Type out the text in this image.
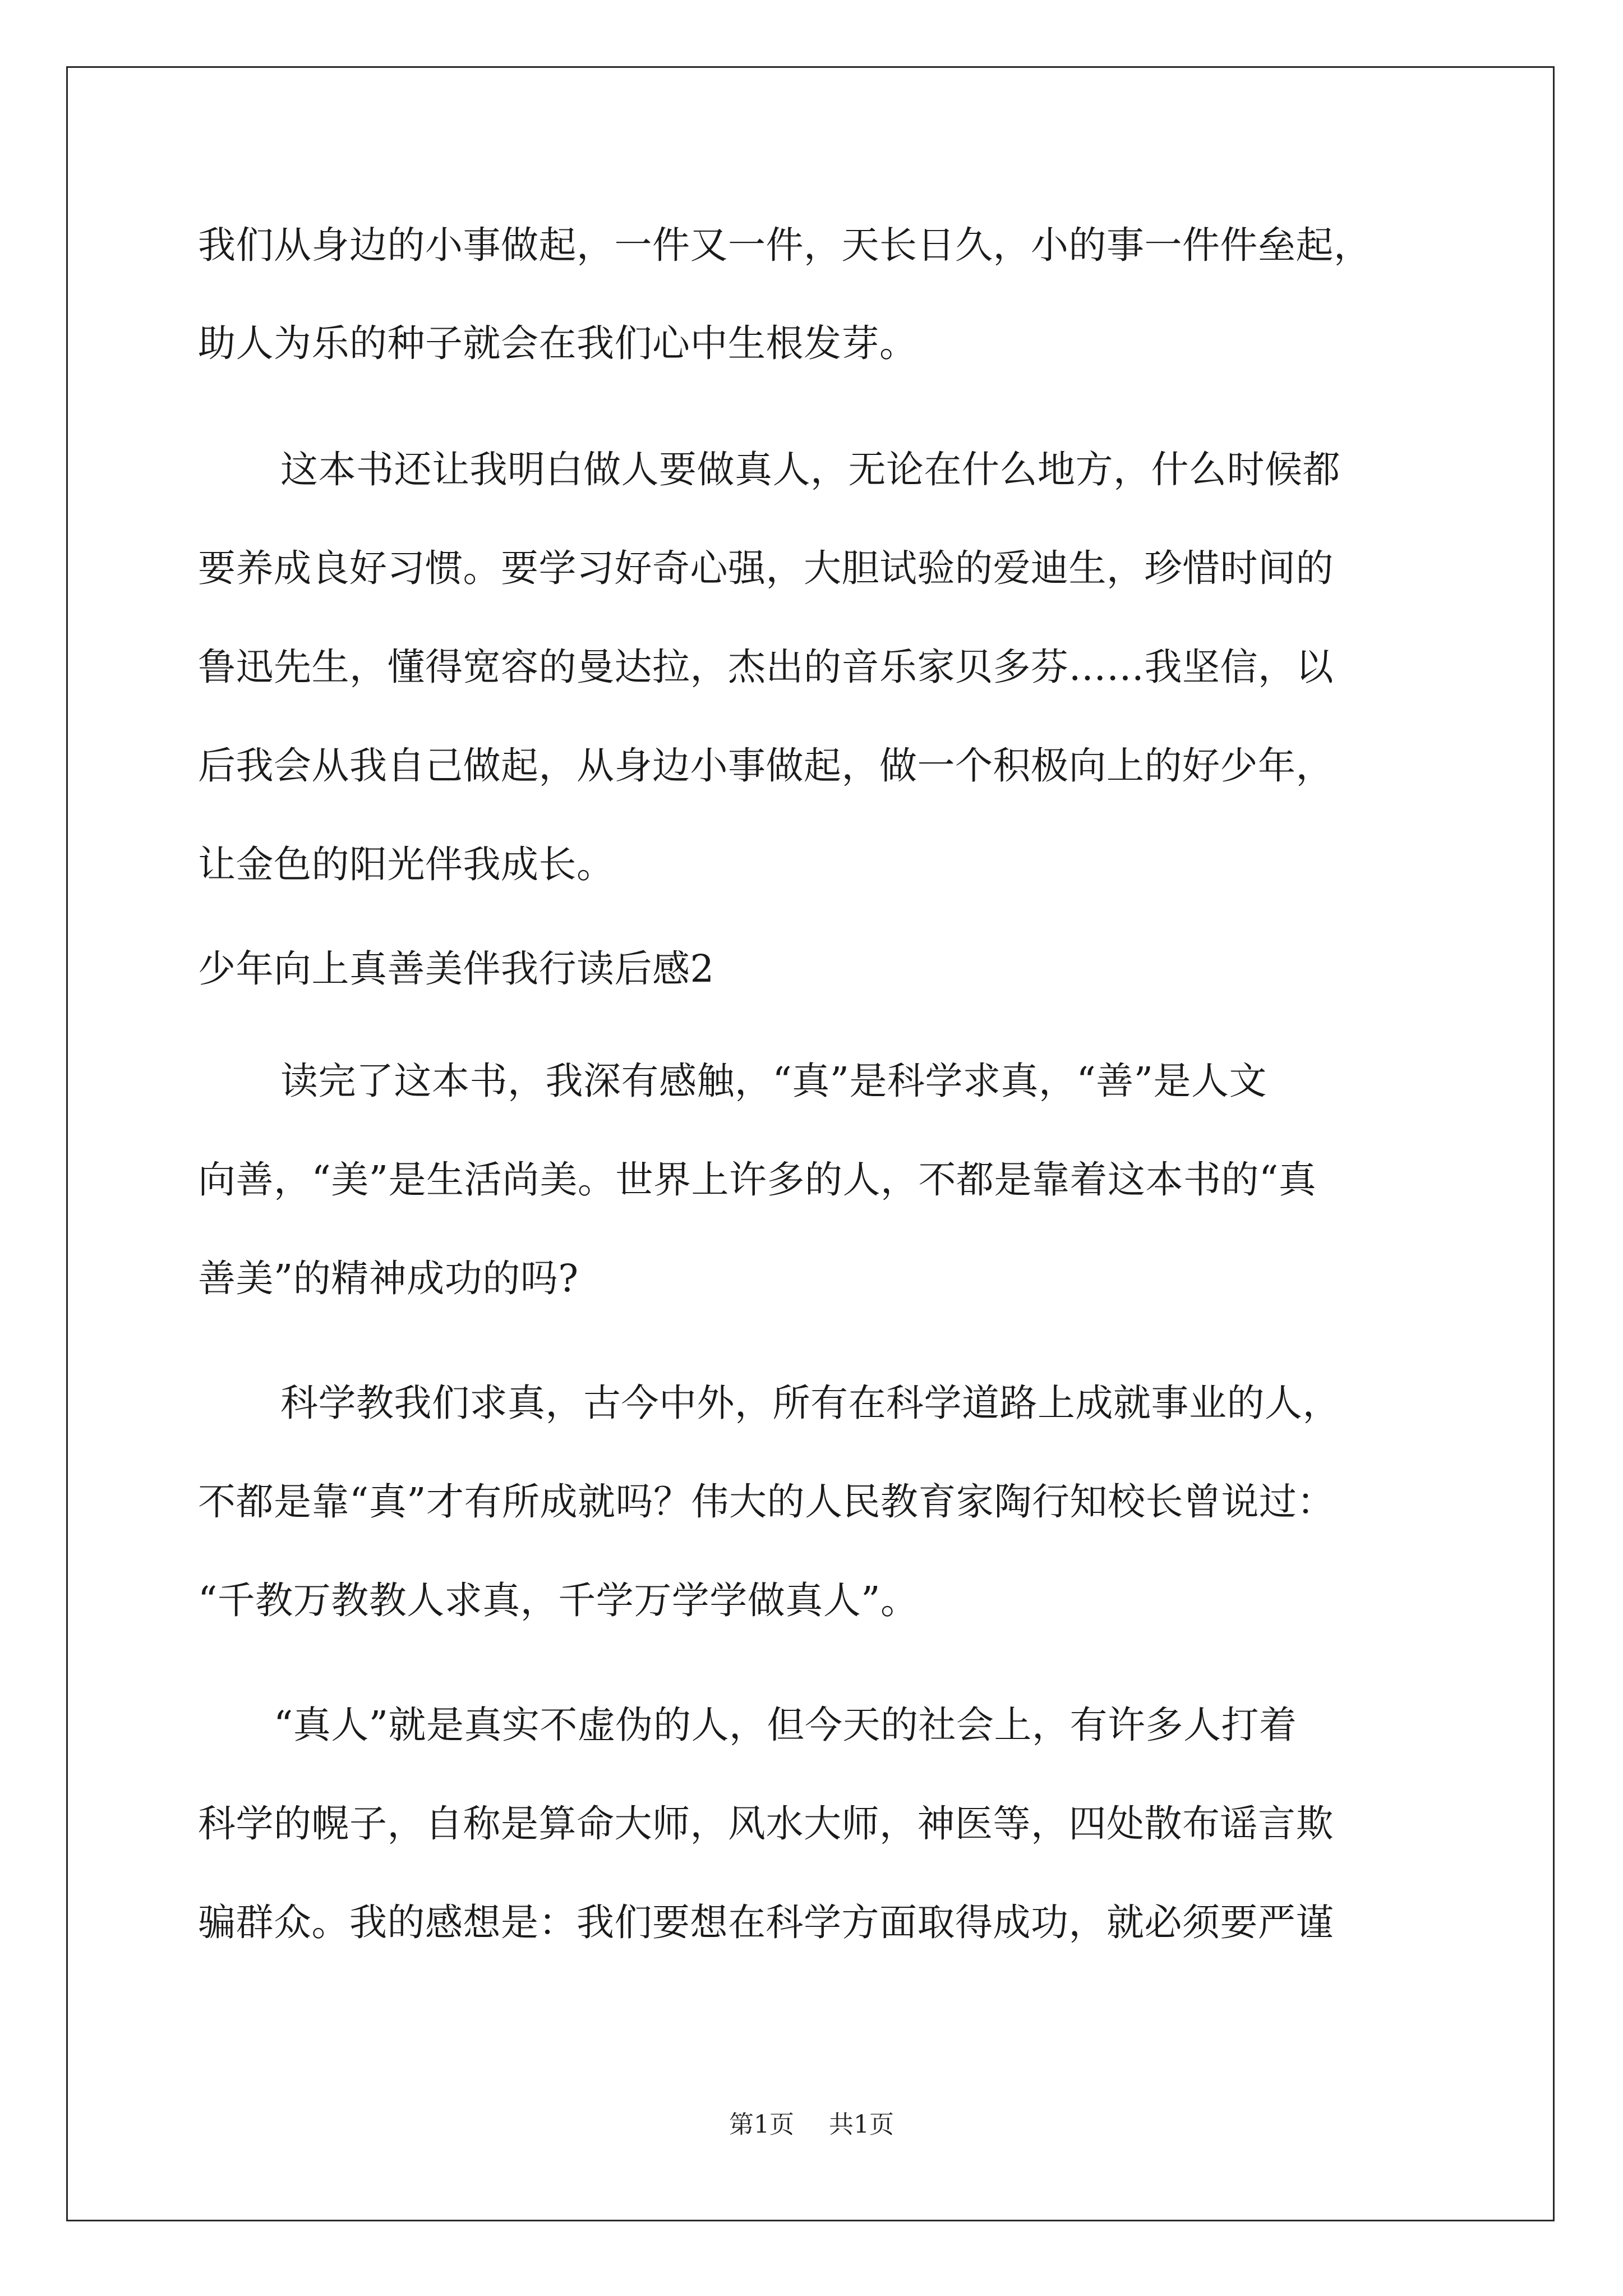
我们从身边的小事做起，一件又一件，天长日久，小的事一件件垒起，
助人为乐的种子就会在我们心中生根发芽。
这本书还让我明白做人要做真人，无论在什么地方，什么时候都
要养成良好习惯。要学习好奇心强，大胆试验的爱迪生，珍惜时间的
鲁迅先生，懂得宽容的曼达拉，杰出的音乐家贝多芬……我坚信，以
后我会从我自己做起，从身边小事做起，做一个积极向上的好少年，
让金色的阳光伴我成长。
少年向上真善美伴我行读后感2
读完了这本书，我深有感触，“真”是科学求真，“善”是人文
向善，“美”是生活尚美。世界上许多的人，不都是靠着这本书的“真
善美”的精神成功的吗?
科学教我们求真，古今中外，所有在科学道路上成就事业的人，
不都是靠“真”才有所成就吗？伟大的人民教育家陶行知校长曾说过：
“千教万教教人求真，千学万学学做真人”。
“真人”就是真实不虚伪的人，但今天的社会上，有许多人打着
科学的幌子，自称是算命大师，风水大师，神医等，四处散布谣言欺
骗群众。我的感想是：我们要想在科学方面取得成功，就必须要严谨
第1页 共1页
